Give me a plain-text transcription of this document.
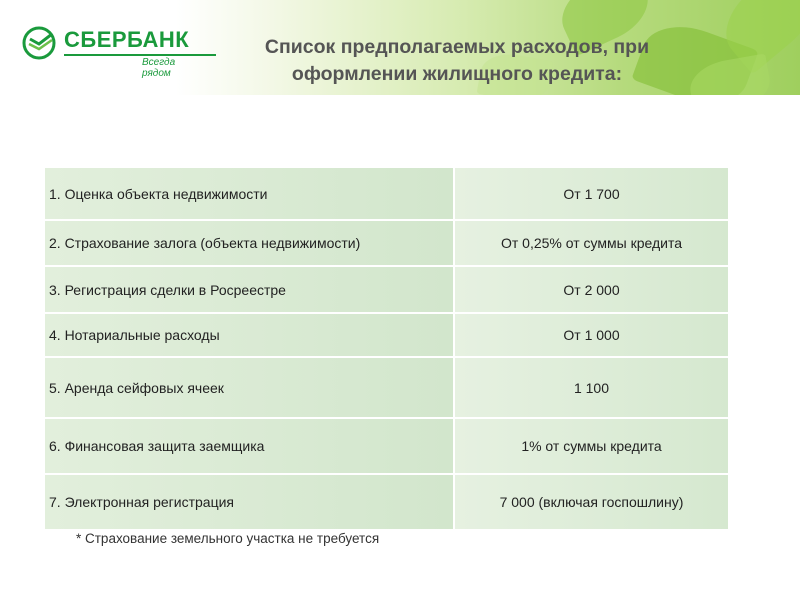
СБЕРБАНК
Всегда рядом
Список предполагаемых расходов, при оформлении жилищного кредита:
1. Оценка объекта недвижимости	От 1 700
2. Страхование залога (объекта недвижимости)	От 0,25% от суммы кредита
3. Регистрация сделки в Росреестре	От 2 000
4. Нотариальные расходы	От 1 000
5. Аренда сейфовых ячеек	1 100
6. Финансовая защита заемщика	1% от суммы кредита
7. Электронная регистрация	7 000 (включая госпошлину)
* Страхование земельного участка не требуется
